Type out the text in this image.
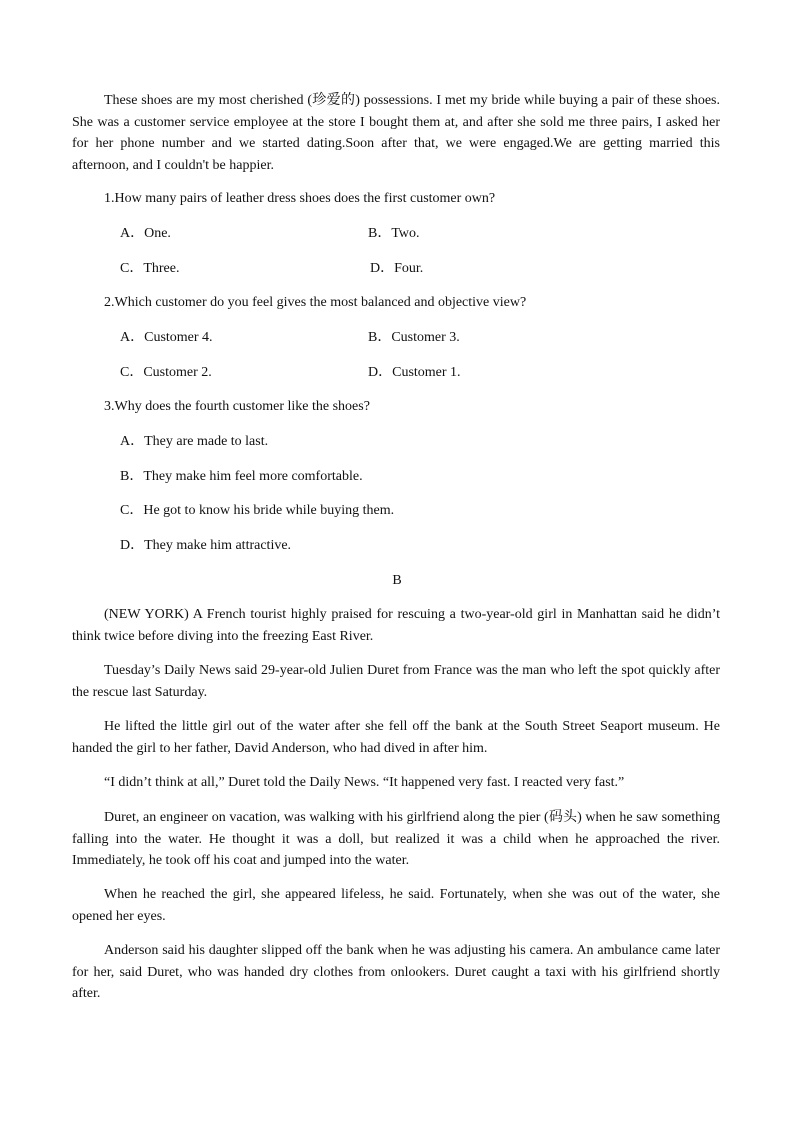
These shoes are my most cherished (珍爱的) possessions. I met my bride while buying a pair of these shoes. She was a customer service employee at the store I bought them at, and after she sold me three pairs, I asked her for her phone number and we started dating.Soon after that, we were engaged.We are getting married this afternoon, and I couldn't be happier.

1.How many pairs of leather dress shoes does the first customer own?

A．One.	B．Two.

C．Three.	D．Four.

2.Which customer do you feel gives the most balanced and objective view?

A．Customer 4.	B．Customer 3.

C．Customer 2.	D．Customer 1.

3.Why does the fourth customer like the shoes?

A．They are made to last.

B．They make him feel more comfortable.

C．He got to know his bride while buying them.

D．They make him attractive.

B

(NEW YORK) A French tourist highly praised for rescuing a two-year-old girl in Manhattan said he didn’t think twice before diving into the freezing East River.

Tuesday’s Daily News said 29-year-old Julien Duret from France was the man who left the spot quickly after the rescue last Saturday.

He lifted the little girl out of the water after she fell off the bank at the South Street Seaport museum. He handed the girl to her father, David Anderson, who had dived in after him.

“I didn’t think at all,” Duret told the Daily News. “It happened very fast. I reacted very fast.”

Duret, an engineer on vacation, was walking with his girlfriend along the pier (码头) when he saw something falling into the water. He thought it was a doll, but realized it was a child when he approached the river. Immediately, he took off his coat and jumped into the water.

When he reached the girl, she appeared lifeless, he said. Fortunately, when she was out of the water, she opened her eyes.

Anderson said his daughter slipped off the bank when he was adjusting his camera. An ambulance came later for her, said Duret, who was handed dry clothes from onlookers. Duret caught a taxi with his girlfriend shortly after.
